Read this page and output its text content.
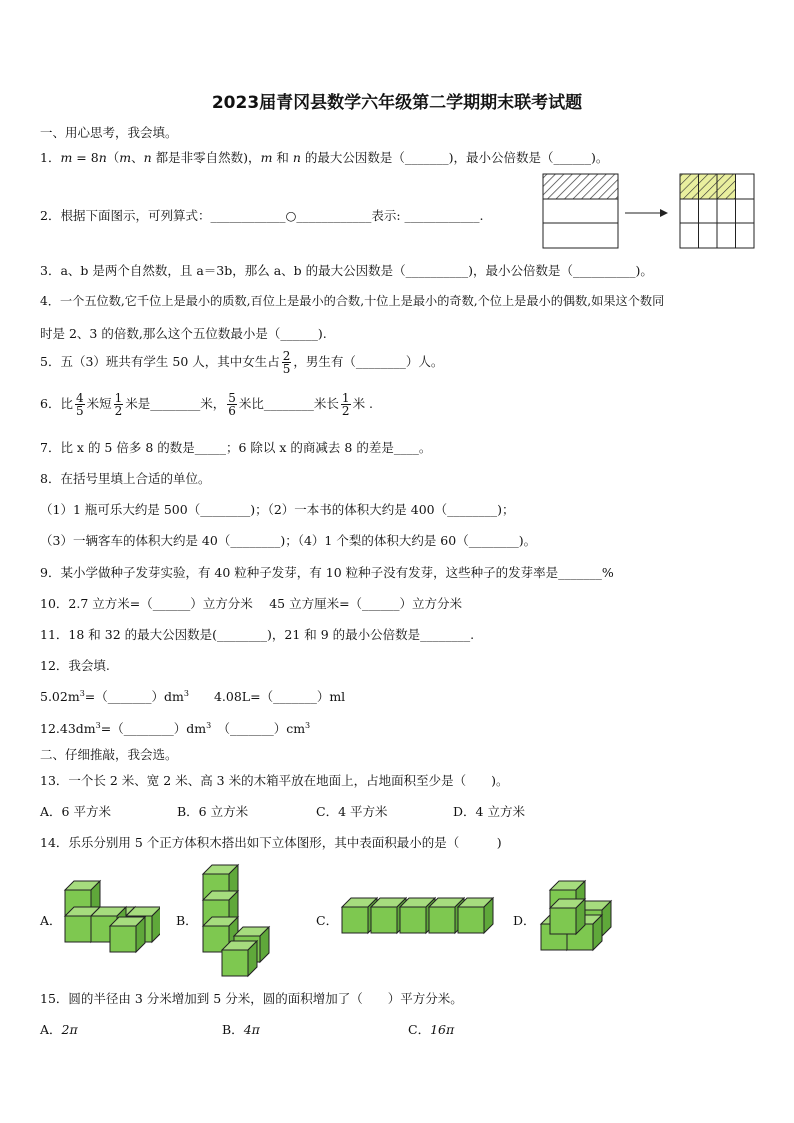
2023届青冈县数学六年级第二学期期末联考试题
一、用心思考，我会填。
1．m = 8n（m、n 都是非零自然数)，m 和 n 的最大公因数是（_______)，最小公倍数是（______)。
2．根据下面图示，可列算式：____________○____________表示: ____________.
3．a、b 是两个自然数，且 a＝3b，那么 a、b 的最大公因数是（__________)，最小公倍数是（__________)。
4．一个五位数,它千位上是最小的质数,百位上是最小的合数,十位上是最小的奇数,个位上是最小的偶数,如果这个数同
时是 2、3 的倍数,那么这个五位数最小是（______).
5．五（3）班共有学生 50 人，其中女生占 $\frac{2}{5}$ ，男生有（________）人。
6．比 $\frac{4}{5}$ 米短 $\frac{1}{2}$ 米是________米， $\frac{5}{6}$ 米比________米长 $\frac{1}{2}$ 米 .
7．比 x 的 5 倍多 8 的数是_____；6 除以 x 的商减去 8 的差是____。
8．在括号里填上合适的单位。
（1）1 瓶可乐大约是 500（________)；（2）一本书的体积大约是 400（________)；
（3）一辆客车的体积大约是 40（________)；（4）1 个梨的体积大约是 60（________)。
9．某小学做种子发芽实验，有 40 粒种子发芽，有 10 粒种子没有发芽，这些种子的发芽率是_______%
10．2.7 立方米=（______）立方分米　 45 立方厘米=（______）立方分米
11．18 和 32 的最大公因数是(________)，21 和 9 的最小公倍数是________.
12．我会填.
$5.02m^3=(\_\_\_\_\_\_\_)dm^3$　　4.08L=（_______）ml
$12.43dm^3=(\_\_\_\_\_\_\_\_)dm^3$　 $(\_\_\_\_\_\_\_)cm^3$
二、仔细推敲，我会选。
13．一个长 2 米、宽 2 米、高 3 米的木箱平放在地面上，占地面积至少是（　　)。
A．6 平方米	B．6 立方米	C．4 平方米	D．4 立方米
14．乐乐分别用 5 个正方体积木搭出如下立体图形，其中表面积最小的是（　　　)
A．	B．	C．	D．
15．圆的半径由 3 分米增加到 5 分米，圆的面积增加了（　　）平方分米。
A．2π	B．4π	C．16π
